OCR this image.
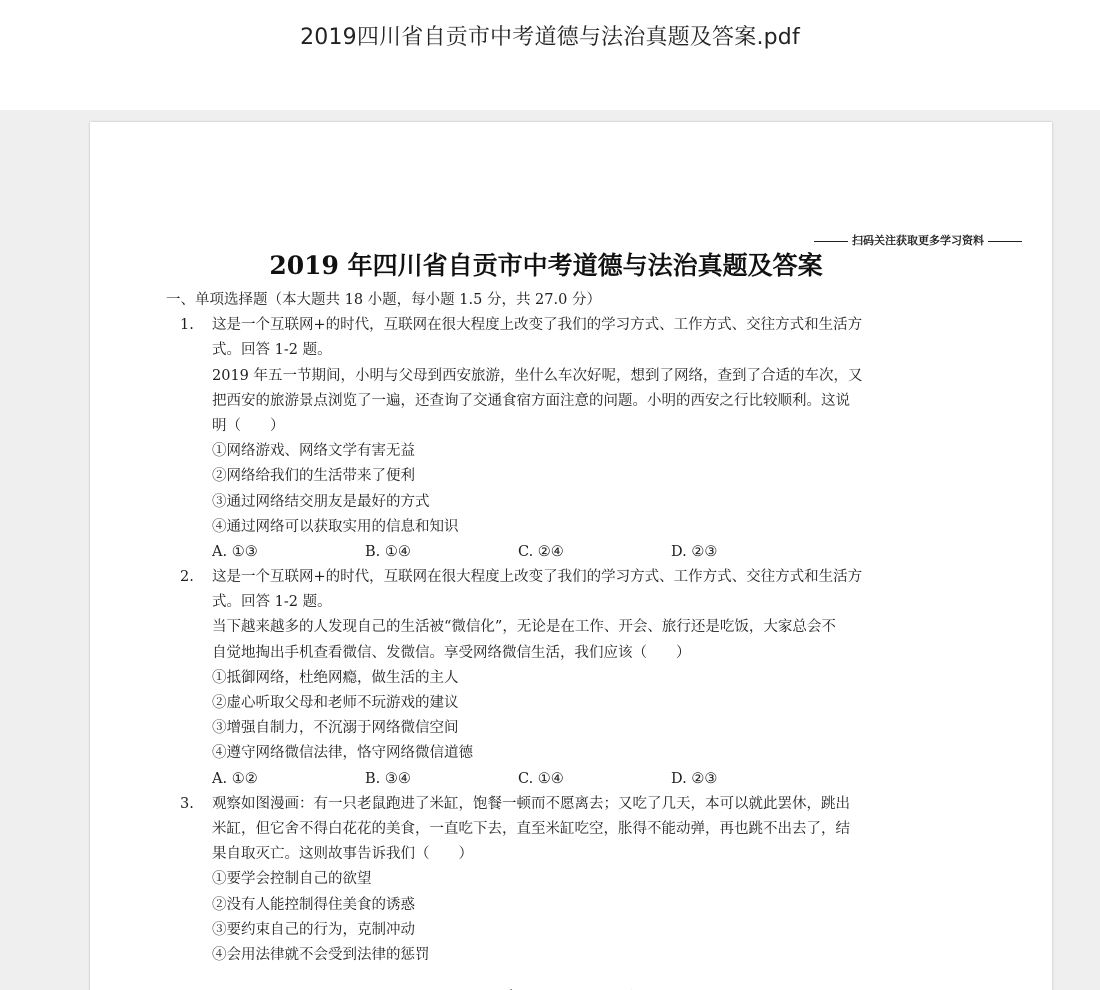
2019四川省自贡市中考道德与法治真题及答案.pdf
扫码关注获取更多学习资料
2019 年四川省自贡市中考道德与法治真题及答案
一、单项选择题（本大题共 18 小题，每小题 1.5 分，共 27.0 分）
1. 这是一个互联网+的时代，互联网在很大程度上改变了我们的学习方式、工作方式、交往方式和生活方
式。回答 1-2 题。
2019 年五一节期间，小明与父母到西安旅游，坐什么车次好呢，想到了网络，查到了合适的车次，又
把西安的旅游景点浏览了一遍，还查询了交通食宿方面注意的问题。小明的西安之行比较顺利。这说
明（　　）
①网络游戏、网络文学有害无益
②网络给我们的生活带来了便利
③通过网络结交朋友是最好的方式
④通过网络可以获取实用的信息和知识
A. ①③	B. ①④	C. ②④	D. ②③
2. 这是一个互联网+的时代，互联网在很大程度上改变了我们的学习方式、工作方式、交往方式和生活方
式。回答 1-2 题。
当下越来越多的人发现自己的生活被“微信化”，无论是在工作、开会、旅行还是吃饭，大家总会不
自觉地掏出手机查看微信、发微信。享受网络微信生活，我们应该（　　）
①抵御网络，杜绝网瘾，做生活的主人
②虚心听取父母和老师不玩游戏的建议
③增强自制力，不沉溺于网络微信空间
④遵守网络微信法律，恪守网络微信道德
A. ①②	B. ③④	C. ①④	D. ②③
3. 观察如图漫画：有一只老鼠跑进了米缸，饱餐一顿而不愿离去；又吃了几天，本可以就此罢休，跳出
米缸，但它舍不得白花花的美食，一直吃下去，直至米缸吃空，胀得不能动弹，再也跳不出去了，结
果自取灭亡。这则故事告诉我们（　　）
①要学会控制自己的欲望
②没有人能控制得住美食的诱惑
③要约束自己的行为，克制冲动
④会用法律就不会受到法律的惩罚
